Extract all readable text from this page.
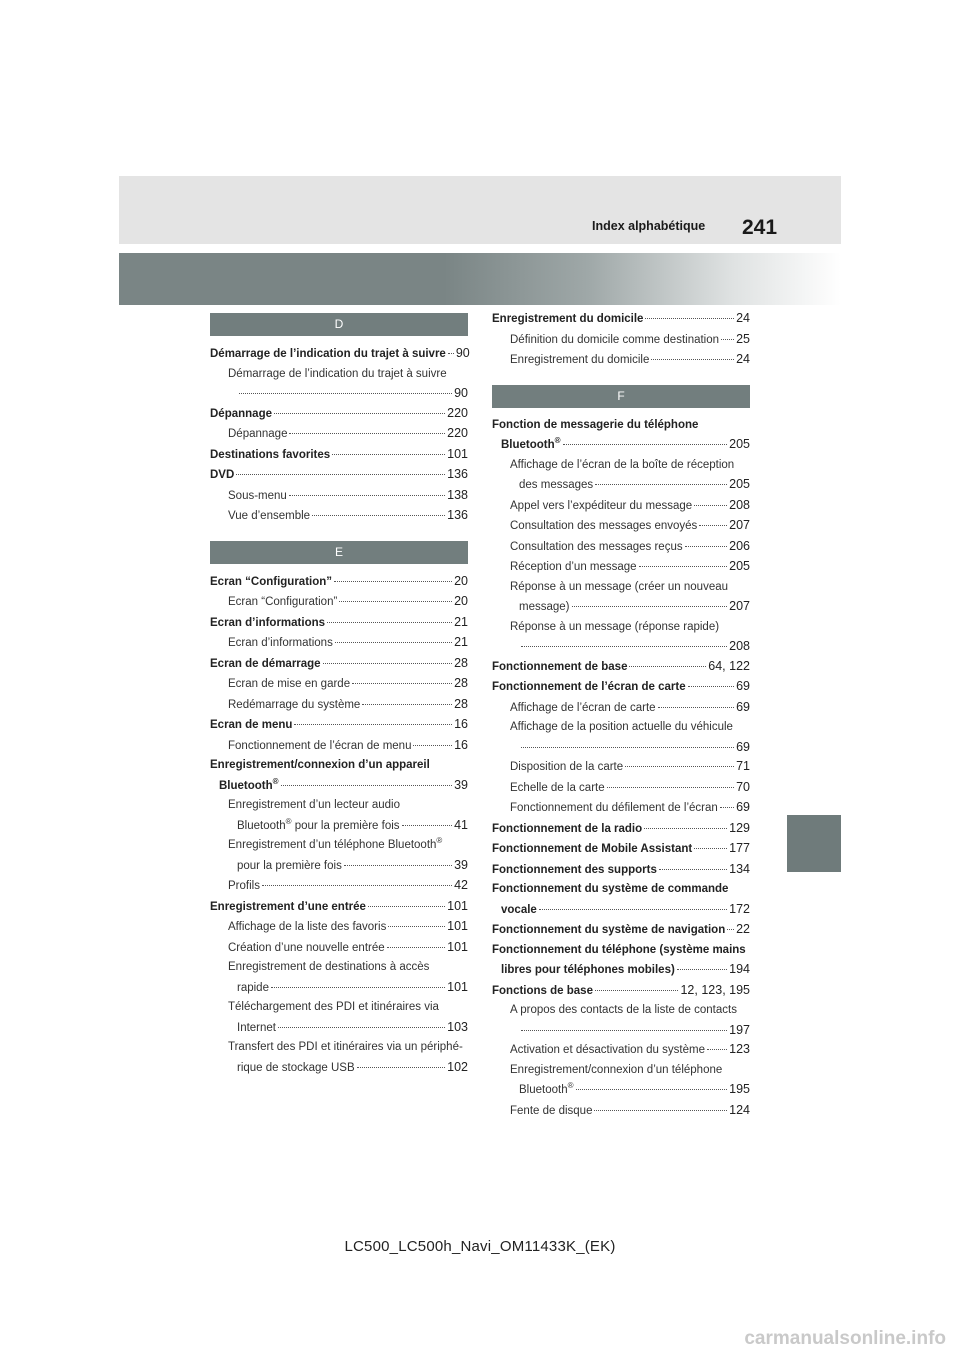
Index alphabétique 241
D
Démarrage de l’indication du trajet à suivre 90
Démarrage de l’indication du trajet à suivre
90
Dépannage	220
Dépannage	220
Destinations favorites	101
DVD	136
Sous-menu	138
Vue d’ensemble	136
E
Ecran “Configuration”	20
Ecran “Configuration”	20
Ecran d’informations	21
Ecran d’informations	21
Ecran de démarrage	28
Ecran de mise en garde	28
Redémarrage du système	28
Ecran de menu	16
Fonctionnement de l’écran de menu	16
Enregistrement/connexion d’un appareil
Bluetooth®	39
Enregistrement d’un lecteur audio
Bluetooth® pour la première fois	41
Enregistrement d’un téléphone Bluetooth®
pour la première fois	39
Profils	42
Enregistrement d’une entrée	101
Affichage de la liste des favoris	101
Création d’une nouvelle entrée	101
Enregistrement de destinations à accès
rapide	101
Téléchargement des PDI et itinéraires via
Internet	103
Transfert des PDI et itinéraires via un périphé-
rique de stockage USB	102
Enregistrement du domicile	24
Définition du domicile comme destination 25
Enregistrement du domicile	24
F
Fonction de messagerie du téléphone
Bluetooth®	205
Affichage de l’écran de la boîte de réception
des messages	205
Appel vers l’expéditeur du message	208
Consultation des messages envoyés	207
Consultation des messages reçus	206
Réception d’un message	205
Réponse à un message (créer un nouveau
message)	207
Réponse à un message (réponse rapide)
208
Fonctionnement de base	64, 122
Fonctionnement de l’écran de carte	69
Affichage de l’écran de carte	69
Affichage de la position actuelle du véhicule
69
Disposition de la carte	71
Echelle de la carte	70
Fonctionnement du défilement de l’écran 69
Fonctionnement de la radio	129
Fonctionnement de Mobile Assistant	177
Fonctionnement des supports	134
Fonctionnement du système de commande
vocale	172
Fonctionnement du système de navigation 22
Fonctionnement du téléphone (système mains
libres pour téléphones mobiles)	194
Fonctions de base	12, 123, 195
A propos des contacts de la liste de contacts
197
Activation et désactivation du système 123
Enregistrement/connexion d’un téléphone
Bluetooth®	195
Fente de disque	124
LC500_LC500h_Navi_OM11433K_(EK)
carmanualsonline.info
